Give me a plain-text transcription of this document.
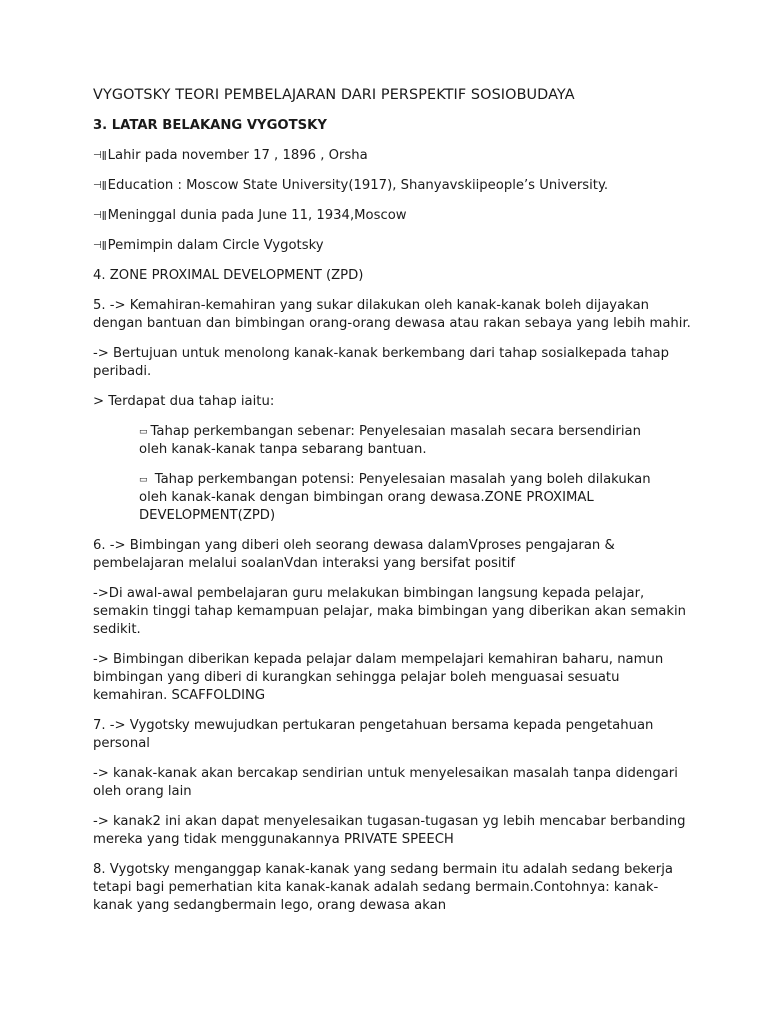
VYGOTSKY TEORI PEMBELAJARAN DARI PERSPEKTIF SOSIOBUDAYA
3. LATAR BELAKANG VYGOTSKY

⊣ǁLahir pada november 17 , 1896 , Orsha

⊣ǁEducation : Moscow State University(1917), Shanyavskiipeople’s University.

⊣ǁMeninggal dunia pada June 11, 1934,Moscow

⊣ǁPemimpin dalam Circle Vygotsky

4. ZONE PROXIMAL DEVELOPMENT (ZPD)

5. -> Kemahiran-kemahiran yang sukar dilakukan oleh kanak-kanak boleh dijayakan dengan bantuan dan bimbingan orang-orang dewasa atau rakan sebaya yang lebih mahir.

-> Bertujuan untuk menolong kanak-kanak berkembang dari tahap sosialkepada tahap peribadi.

> Terdapat dua tahap iaitu:

▭ Tahap perkembangan sebenar: Penyelesaian masalah secara bersendirian oleh kanak-kanak tanpa sebarang bantuan.

▭ Tahap perkembangan potensi: Penyelesaian masalah yang boleh dilakukan oleh kanak-kanak dengan bimbingan orang dewasa.ZONE PROXIMAL DEVELOPMENT(ZPD)

6. -> Bimbingan yang diberi oleh seorang dewasa dalamVproses pengajaran & pembelajaran melalui soalanVdan interaksi yang bersifat positif

->Di awal-awal pembelajaran guru melakukan bimbingan langsung kepada pelajar, semakin tinggi tahap kemampuan pelajar, maka bimbingan yang diberikan akan semakin sedikit.

-> Bimbingan diberikan kepada pelajar dalam mempelajari kemahiran baharu, namun bimbingan yang diberi di kurangkan sehingga pelajar boleh menguasai sesuatu kemahiran. SCAFFOLDING

7. -> Vygotsky mewujudkan pertukaran pengetahuan bersama kepada pengetahuan personal

-> kanak-kanak akan bercakap sendirian untuk menyelesaikan masalah tanpa didengari oleh orang lain

-> kanak2 ini akan dapat menyelesaikan tugasan-tugasan yg lebih mencabar berbanding mereka yang tidak menggunakannya PRIVATE SPEECH

8. Vygotsky menganggap kanak-kanak yang sedang bermain itu adalah sedang bekerja tetapi bagi pemerhatian kita kanak-kanak adalah sedang bermain.Contohnya: kanak-kanak yang sedangbermain lego, orang dewasa akan
